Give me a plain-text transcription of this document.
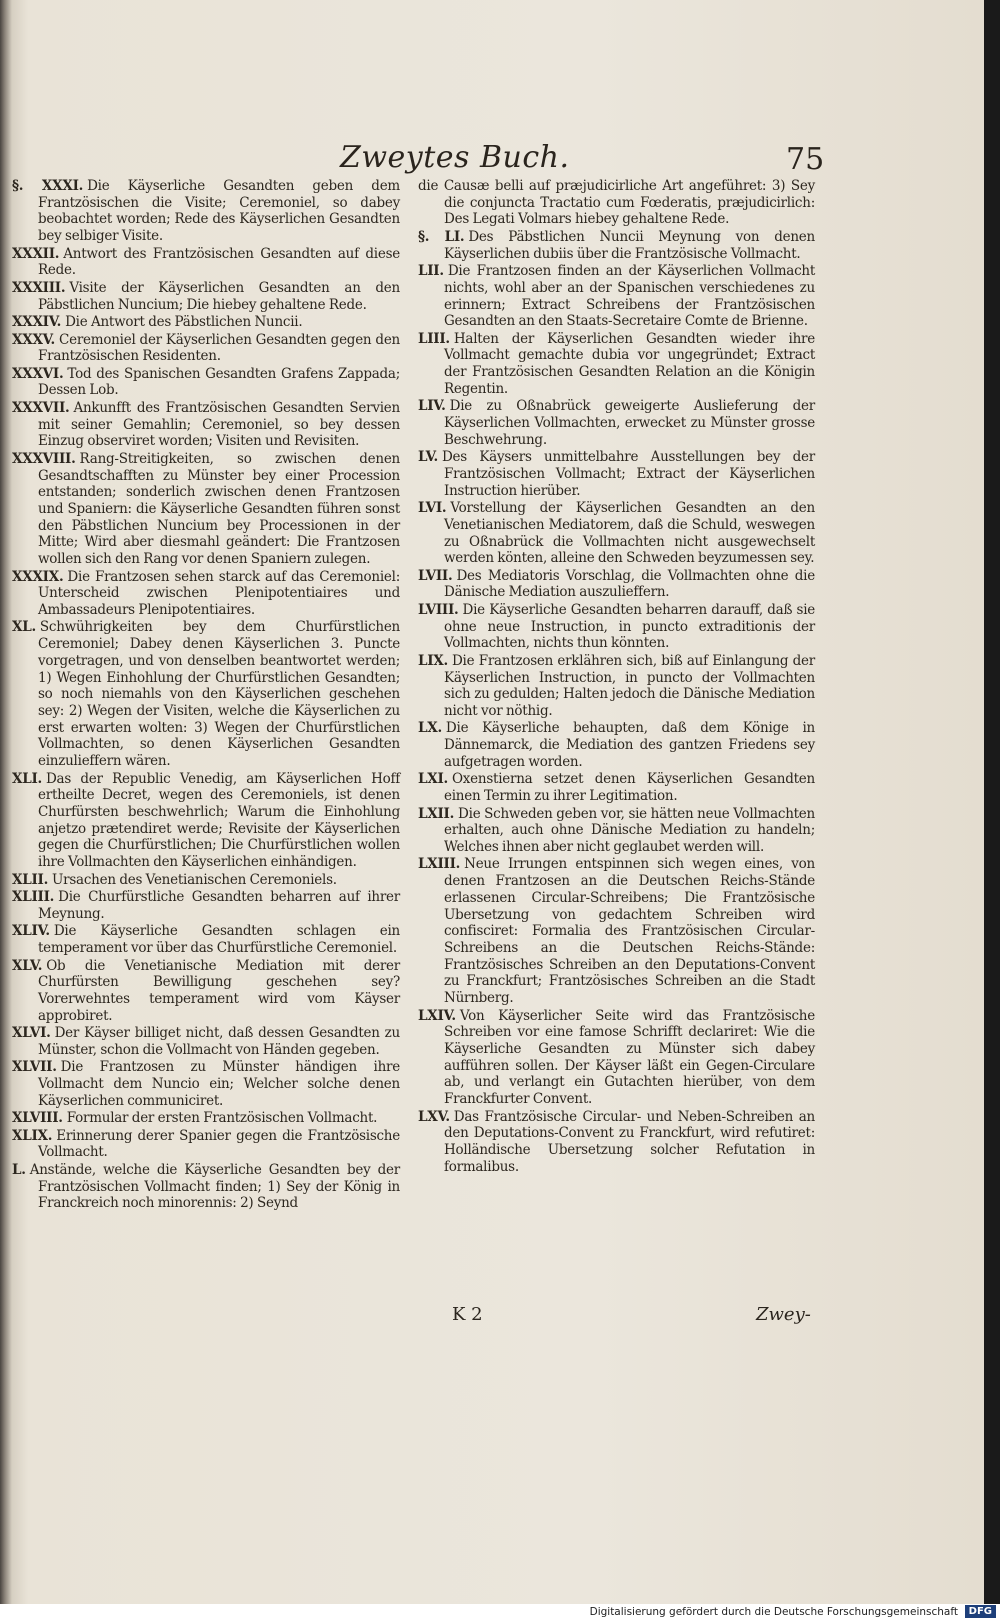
Zweytes Buch.	75
§. XXXI. Die Käyserliche Gesandten geben dem Frantzösischen die Visite; Ceremoniel, so dabey beobachtet worden; Rede des Käyserlichen Gesandten bey selbiger Visite.
XXXII. Antwort des Frantzösischen Gesandten auf diese Rede.
XXXIII. Visite der Käyserlichen Gesandten an den Päbstlichen Nuncium; Die hiebey gehaltene Rede.
XXXIV. Die Antwort des Päbstlichen Nuncii.
XXXV. Ceremoniel der Käyserlichen Gesandten gegen den Frantzösischen Residenten.
XXXVI. Tod des Spanischen Gesandten Grafens Zappada; Dessen Lob.
XXXVII. Ankunfft des Frantzösischen Gesandten Servien mit seiner Gemahlin; Ceremoniel, so bey dessen Einzug observiret worden; Visiten und Revisiten.
XXXVIII. Rang-Streitigkeiten, so zwischen denen Gesandtschafften zu Münster bey einer Procession entstanden; sonderlich zwischen denen Frantzosen und Spaniern: die Käyserliche Gesandten führen sonst den Päbstlichen Nuncium bey Processionen in der Mitte; Wird aber diesmahl geändert: Die Frantzosen wollen sich den Rang vor denen Spaniern zulegen.
XXXIX. Die Frantzosen sehen starck auf das Ceremoniel: Unterscheid zwischen Plenipotentiaires und Ambassadeurs Plenipotentiaires.
XL. Schwührigkeiten bey dem Churfürstlichen Ceremoniel; Dabey denen Käyserlichen 3. Puncte vorgetragen, und von denselben beantwortet werden; 1) Wegen Einhohlung der Churfürstlichen Gesandten; so noch niemahls von den Käyserlichen geschehen sey: 2) Wegen der Visiten, welche die Käyserlichen zu erst erwarten wolten: 3) Wegen der Churfürstlichen Vollmachten, so denen Käyserlichen Gesandten einzulieffern wären.
XLI. Das der Republic Venedig, am Käyserlichen Hoff ertheilte Decret, wegen des Ceremoniels, ist denen Churfürsten beschwehrlich; Warum die Einhohlung anjetzo prætendiret werde; Revisite der Käyserlichen gegen die Churfürstlichen; Die Churfürstlichen wollen ihre Vollmachten den Käyserlichen einhändigen.
XLII. Ursachen des Venetianischen Ceremoniels.
XLIII. Die Churfürstliche Gesandten beharren auf ihrer Meynung.
XLIV. Die Käyserliche Gesandten schlagen ein temperament vor über das Churfürstliche Ceremoniel.
XLV. Ob die Venetianische Mediation mit derer Churfürsten Bewilligung geschehen sey? Vorerwehntes temperament wird vom Käyser approbiret.
XLVI. Der Käyser billiget nicht, daß dessen Gesandten zu Münster, schon die Vollmacht von Händen gegeben.
XLVII. Die Frantzosen zu Münster händigen ihre Vollmacht dem Nuncio ein; Welcher solche denen Käyserlichen communiciret.
XLVIII. Formular der ersten Frantzösischen Vollmacht.
XLIX. Erinnerung derer Spanier gegen die Frantzösische Vollmacht.
L. Anstände, welche die Käyserliche Gesandten bey der Frantzösischen Vollmacht finden; 1) Sey der König in Franckreich noch minorennis: 2) Seynd
die Causæ belli auf præjudicirliche Art angeführet: 3) Sey die conjuncta Tractatio cum Fœderatis, præjudicirlich: Des Legati Volmars hiebey gehaltene Rede.
§. LI. Des Päbstlichen Nuncii Meynung von denen Käyserlichen dubiis über die Frantzösische Vollmacht.
LII. Die Frantzosen finden an der Käyserlichen Vollmacht nichts, wohl aber an der Spanischen verschiedenes zu erinnern; Extract Schreibens der Frantzösischen Gesandten an den Staats-Secretaire Comte de Brienne.
LIII. Halten der Käyserlichen Gesandten wieder ihre Vollmacht gemachte dubia vor ungegründet; Extract der Frantzösischen Gesandten Relation an die Königin Regentin.
LIV. Die zu Oßnabrück geweigerte Auslieferung der Käyserlichen Vollmachten, erwecket zu Münster grosse Beschwehrung.
LV. Des Käysers unmittelbahre Ausstellungen bey der Frantzösischen Vollmacht; Extract der Käyserlichen Instruction hierüber.
LVI. Vorstellung der Käyserlichen Gesandten an den Venetianischen Mediatorem, daß die Schuld, weswegen zu Oßnabrück die Vollmachten nicht ausgewechselt werden könten, alleine den Schweden beyzumessen sey.
LVII. Des Mediatoris Vorschlag, die Vollmachten ohne die Dänische Mediation auszulieffern.
LVIII. Die Käyserliche Gesandten beharren darauff, daß sie ohne neue Instruction, in puncto extraditionis der Vollmachten, nichts thun könnten.
LIX. Die Frantzosen erklähren sich, biß auf Einlangung der Käyserlichen Instruction, in puncto der Vollmachten sich zu gedulden; Halten jedoch die Dänische Mediation nicht vor nöthig.
LX. Die Käyserliche behaupten, daß dem Könige in Dännemarck, die Mediation des gantzen Friedens sey aufgetragen worden.
LXI. Oxenstierna setzet denen Käyserlichen Gesandten einen Termin zu ihrer Legitimation.
LXII. Die Schweden geben vor, sie hätten neue Vollmachten erhalten, auch ohne Dänische Mediation zu handeln; Welches ihnen aber nicht geglaubet werden will.
LXIII. Neue Irrungen entspinnen sich wegen eines, von denen Frantzosen an die Deutschen Reichs-Stände erlassenen Circular-Schreibens; Die Frantzösische Ubersetzung von gedachtem Schreiben wird confisciret: Formalia des Frantzösischen Circular-Schreibens an die Deutschen Reichs-Stände: Frantzösisches Schreiben an den Deputations-Convent zu Franckfurt; Frantzösisches Schreiben an die Stadt Nürnberg.
LXIV. Von Käyserlicher Seite wird das Frantzösische Schreiben vor eine famose Schrifft declariret: Wie die Käyserliche Gesandten zu Münster sich dabey aufführen sollen. Der Käyser läßt ein Gegen-Circulare ab, und verlangt ein Gutachten hierüber, von dem Franckfurter Convent.
LXV. Das Frantzösische Circular- und Neben-Schreiben an den Deputations-Convent zu Franckfurt, wird refutiret: Holländische Ubersetzung solcher Refutation in formalibus.
K 2	Zwey-
Digitalisierung gefördert durch die Deutsche Forschungsgemeinschaft	DFG
